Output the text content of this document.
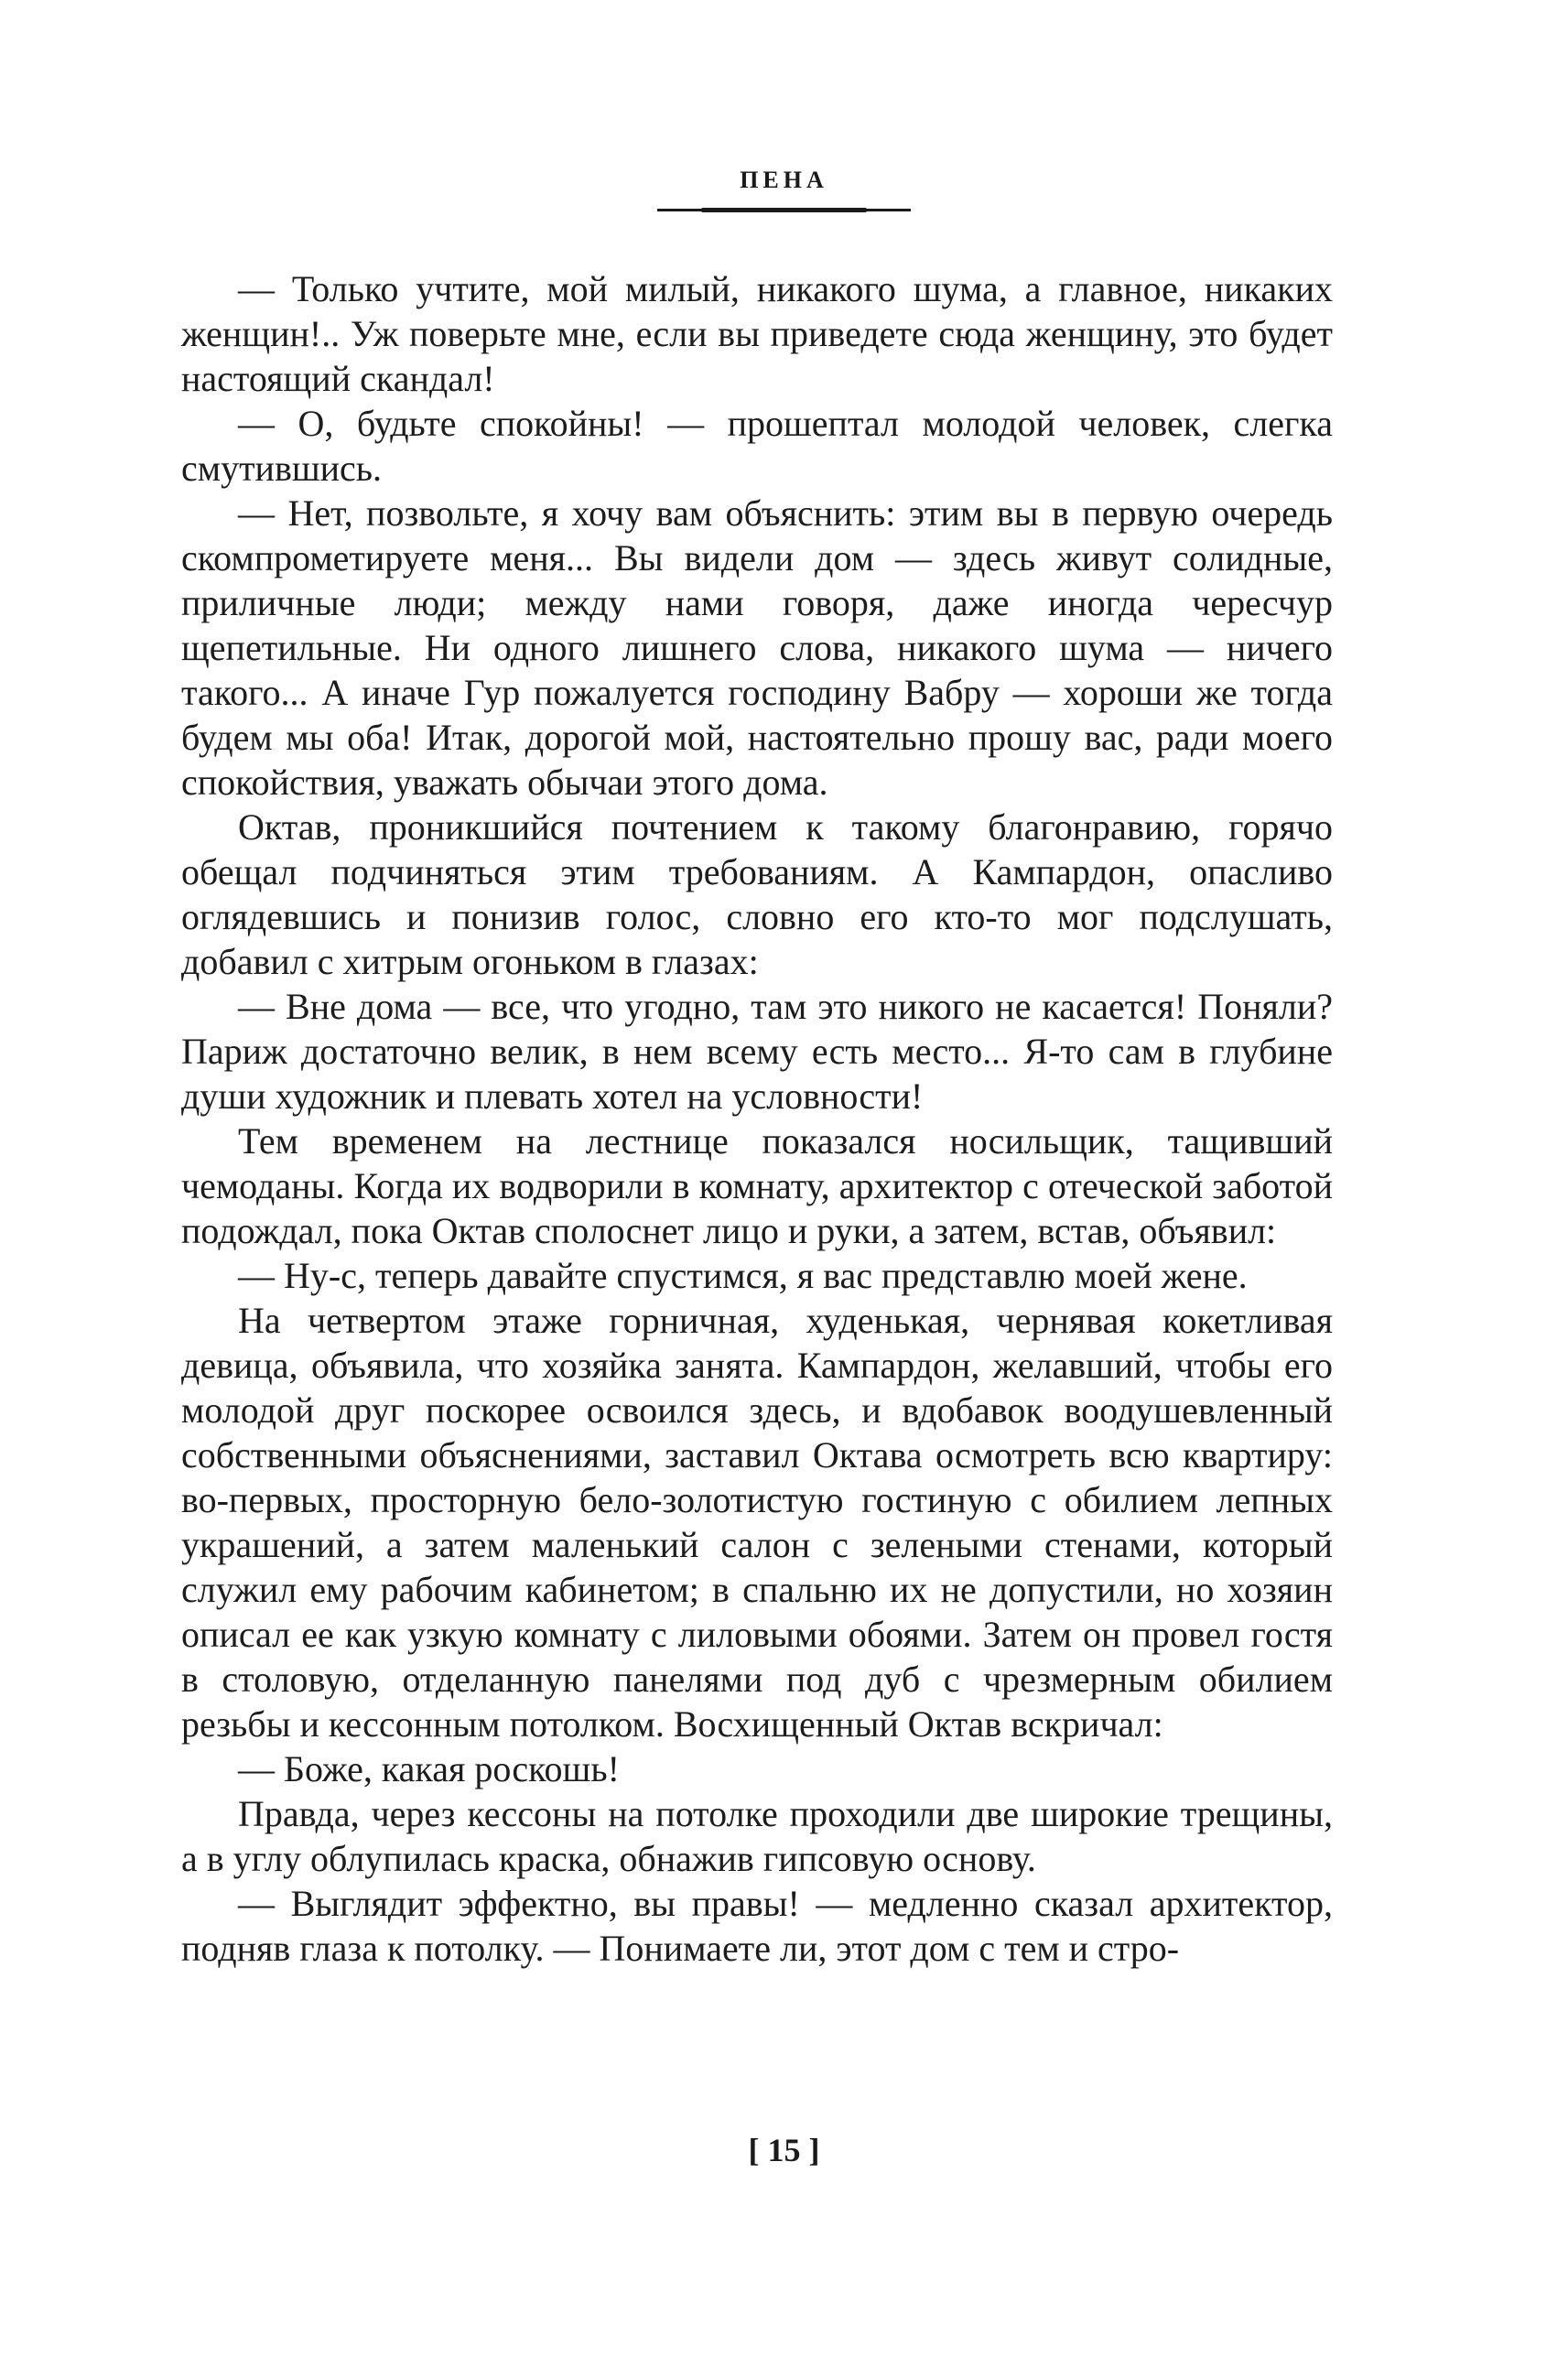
ПЕНА

— Только учтите, мой милый, никакого шума, а главное, никаких женщин!.. Уж поверьте мне, если вы приведете сюда женщину, это будет настоящий скандал!

— О, будьте спокойны! — прошептал молодой человек, слегка смутившись.

— Нет, позвольте, я хочу вам объяснить: этим вы в первую очередь скомпрометируете меня... Вы видели дом — здесь живут солидные, приличные люди; между нами говоря, даже иногда чересчур щепетильные. Ни одного лишнего слова, никакого шума — ничего такого... А иначе Гур пожалуется господину Вабру — хороши же тогда будем мы оба! Итак, дорогой мой, настоятельно прошу вас, ради моего спокойствия, уважать обычаи этого дома.

Октав, проникшийся почтением к такому благонравию, горячо обещал подчиняться этим требованиям. А Кампардон, опасливо оглядевшись и понизив голос, словно его кто-то мог подслушать, добавил с хитрым огоньком в глазах:

— Вне дома — все, что угодно, там это никого не касается! Поняли? Париж достаточно велик, в нем всему есть место... Я-то сам в глубине души художник и плевать хотел на условности!

Тем временем на лестнице показался носильщик, тащивший чемоданы. Когда их водворили в комнату, архитектор с отеческой заботой подождал, пока Октав сполоснет лицо и руки, а затем, встав, объявил:

— Ну-с, теперь давайте спустимся, я вас представлю моей жене.

На четвертом этаже горничная, худенькая, чернявая кокетливая девица, объявила, что хозяйка занята. Кампардон, желавший, чтобы его молодой друг поскорее освоился здесь, и вдобавок воодушевленный собственными объяснениями, заставил Октава осмотреть всю квартиру: во-первых, просторную бело-золотистую гостиную с обилием лепных украшений, а затем маленький салон с зелеными стенами, который служил ему рабочим кабинетом; в спальню их не допустили, но хозяин описал ее как узкую комнату с лиловыми обоями. Затем он провел гостя в столовую, отделанную панелями под дуб с чрезмерным обилием резьбы и кессонным потолком. Восхищенный Октав вскричал:

— Боже, какая роскошь!

Правда, через кессоны на потолке проходили две широкие трещины, а в углу облупилась краска, обнажив гипсовую основу.

— Выглядит эффектно, вы правы! — медленно сказал архитектор, подняв глаза к потолку. — Понимаете ли, этот дом с тем и стро-

[ 15 ]
